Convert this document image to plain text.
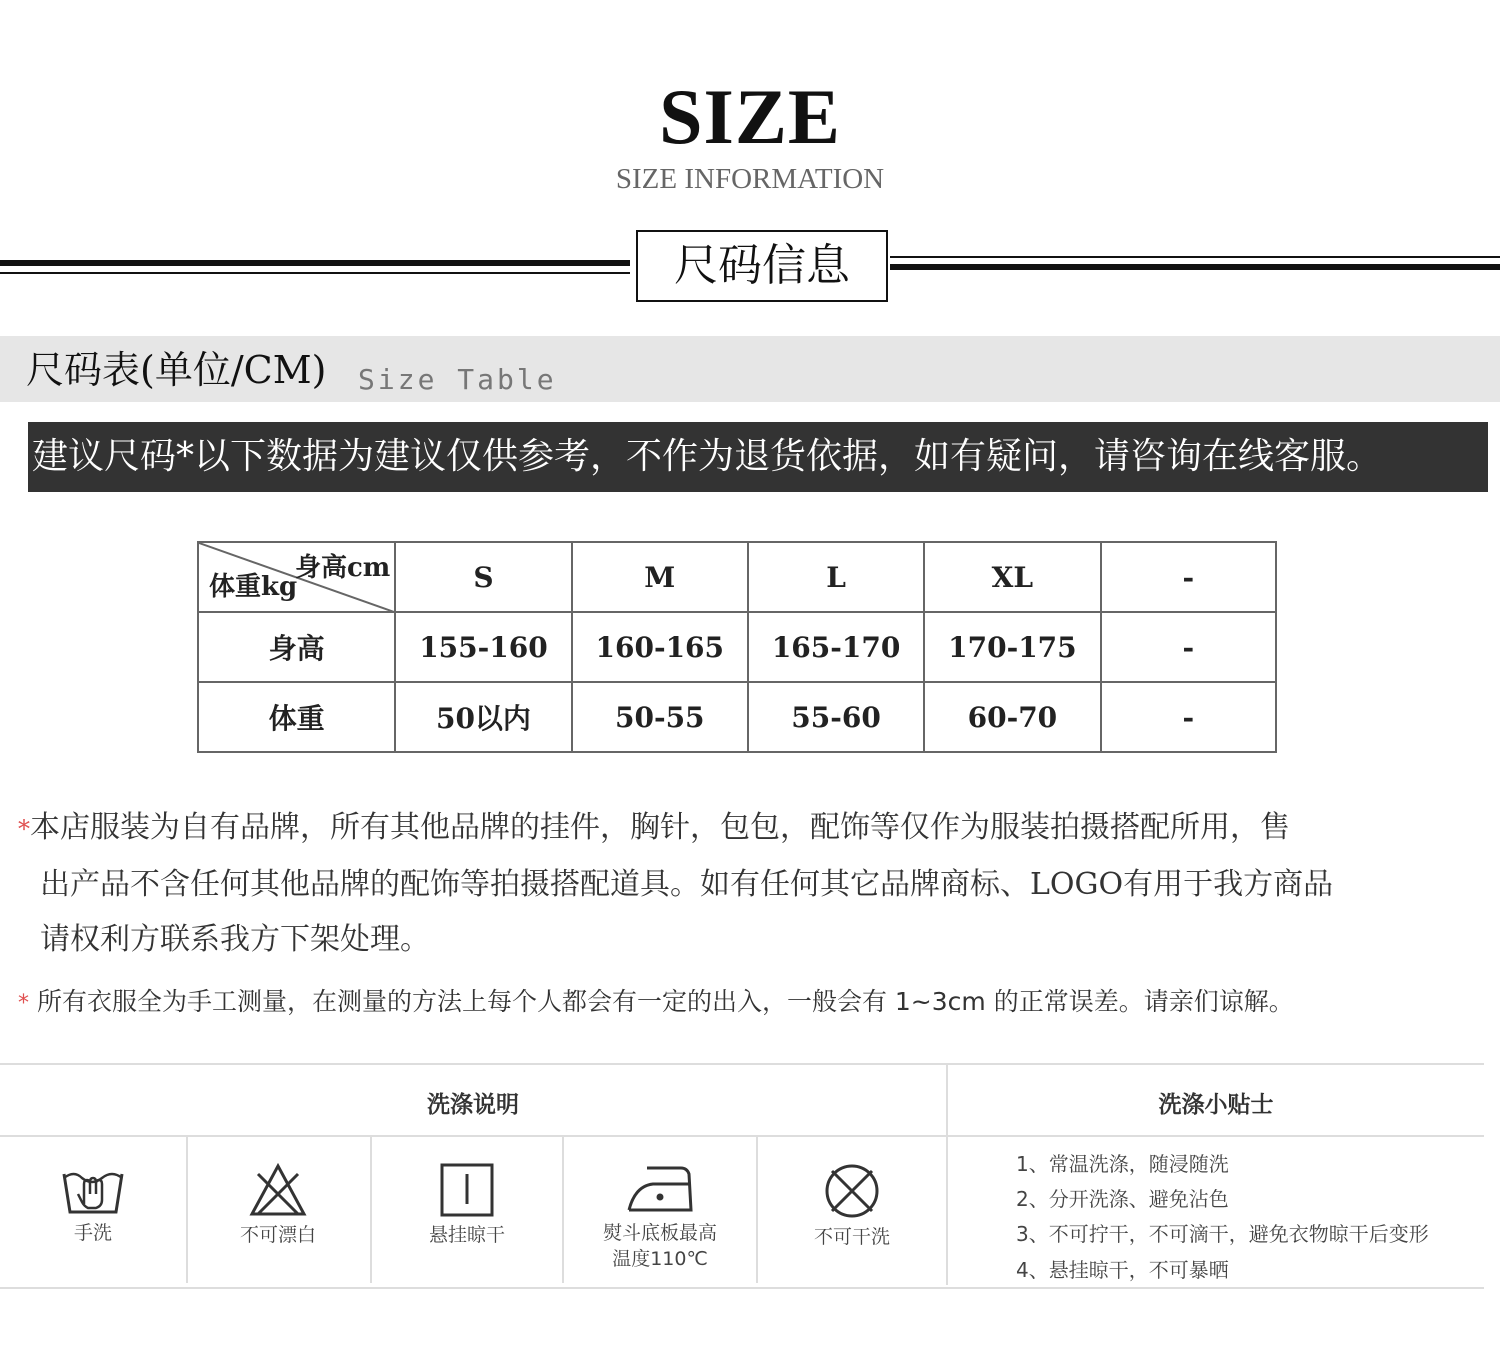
SIZE
SIZE INFORMATION
尺码信息
尺码表(单位/CM) Size Table
建议尺码*以下数据为建议仅供参考，不作为退货依据，如有疑问，请咨询在线客服。
身高cm
体重kg	S	M	L	XL	-
身高	155-160	160-165	165-170	170-175	-
体重	50以内	50-55	55-60	60-70	-
*本店服装为自有品牌，所有其他品牌的挂件，胸针，包包，配饰等仅作为服装拍摄搭配所用，售
出产品不含任何其他品牌的配饰等拍摄搭配道具。如有任何其它品牌商标、LOGO有用于我方商品
请权利方联系我方下架处理。
* 所有衣服全为手工测量，在测量的方法上每个人都会有一定的出入，一般会有 1~3cm 的正常误差。请亲们谅解。
洗涤说明	洗涤小贴士
手洗	不可漂白	悬挂晾干	熨斗底板最高
温度110℃
不可干洗
1、常温洗涤，随浸随洗
2、分开洗涤、避免沾色
3、不可拧干，不可滴干，避免衣物晾干后变形
4、悬挂晾干，不可暴晒
